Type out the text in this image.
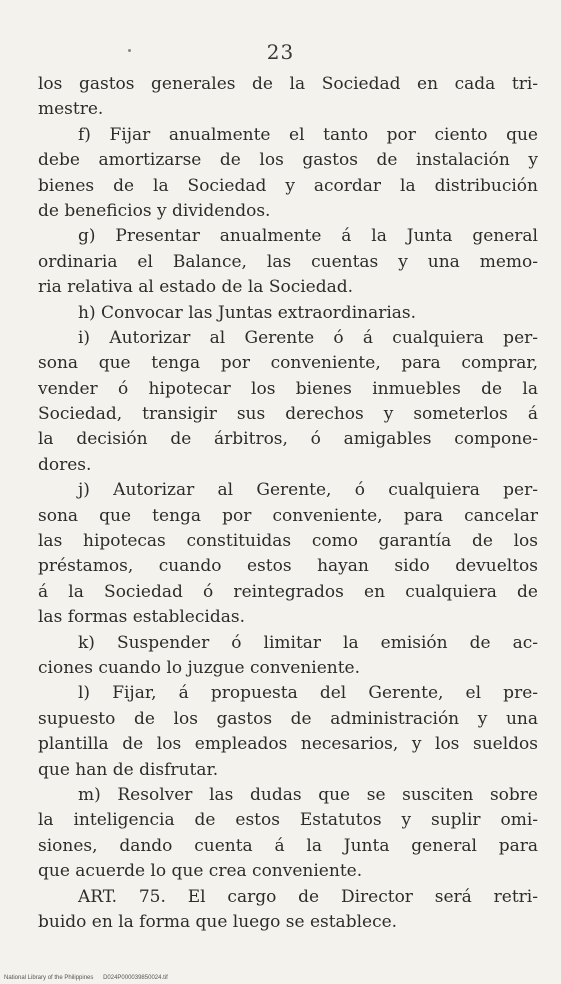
23
los gastos generales de la Sociedad en cada tri-
mestre.
f) Fijar anualmente el tanto por ciento que
debe amortizarse de los gastos de instalación y
bienes de la Sociedad y acordar la distribución
de beneficios y dividendos.
g) Presentar anualmente á la Junta general
ordinaria el Balance, las cuentas y una memo-
ria relativa al estado de la Sociedad.
h) Convocar las Juntas extraordinarias.
i) Autorizar al Gerente ó á cualquiera per-
sona que tenga por conveniente, para comprar,
vender ó hipotecar los bienes inmuebles de la
Sociedad, transigir sus derechos y someterlos á
la decisión de árbitros, ó amigables compone-
dores.
j) Autorizar al Gerente, ó cualquiera per-
sona que tenga por conveniente, para cancelar
las hipotecas constituidas como garantía de los
préstamos, cuando estos hayan sido devueltos
á la Sociedad ó reintegrados en cualquiera de
las formas establecidas.
k) Suspender ó limitar la emisión de ac-
ciones cuando lo juzgue conveniente.
l) Fijar, á propuesta del Gerente, el pre-
supuesto de los gastos de administración y una
plantilla de los empleados necesarios, y los sueldos
que han de disfrutar.
m) Resolver las dudas que se susciten sobre
la inteligencia de estos Estatutos y suplir omi-
siones, dando cuenta á la Junta general para
que acuerde lo que crea conveniente.
ART. 75. El cargo de Director será retri-
buido en la forma que luego se establece.
National Library of the Philippines D024P000039850024.tif
